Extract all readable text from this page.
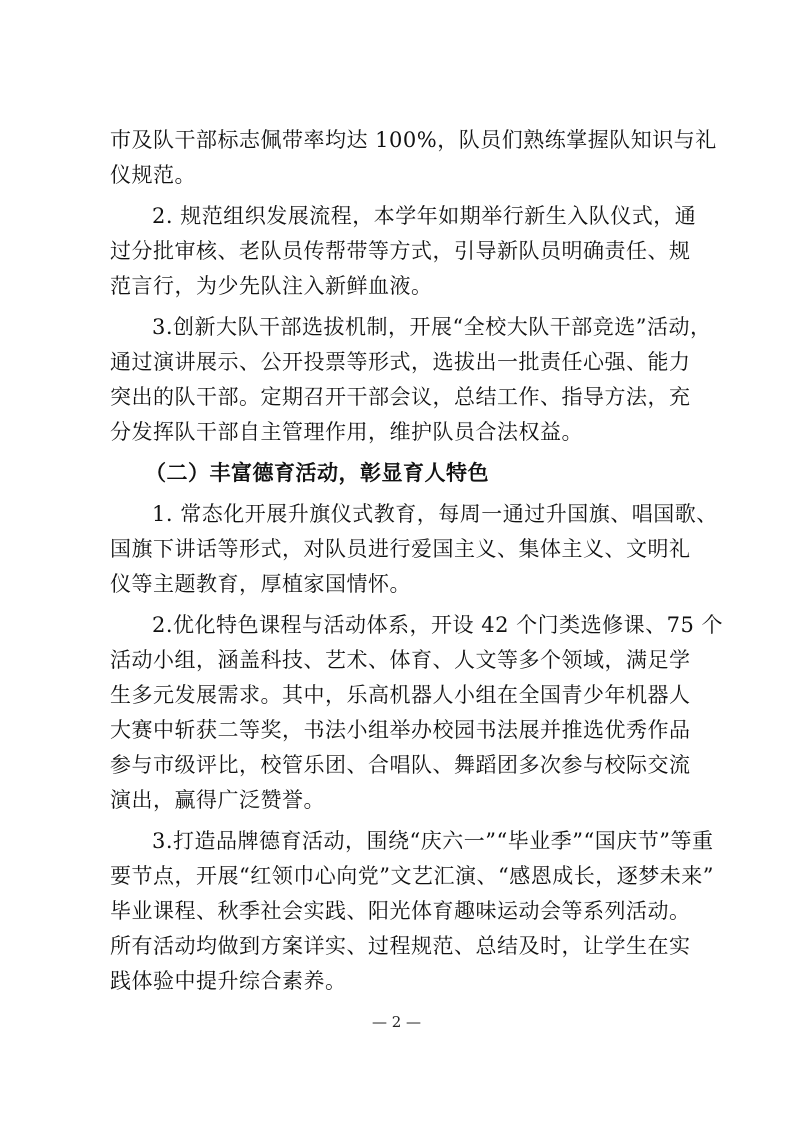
巿及队干部标志佩带率均达 100%，队员们熟练掌握队知识与礼
仪规范。
2. 规范组织发展流程，本学年如期举行新生入队仪式，通
过分批审核、老队员传帮带等方式，引导新队员明确责任、规
范言行，为少先队注入新鲜血液。
3.创新大队干部选拔机制，开展“全校大队干部竞选”活动，
通过演讲展示、公开投票等形式，选拔出一批责任心强、能力
突出的队干部。定期召开干部会议，总结工作、指导方法，充
分发挥队干部自主管理作用，维护队员合法权益。
（二）丰富德育活动，彰显育人特色
1. 常态化开展升旗仪式教育，每周一通过升国旗、唱国歌、
国旗下讲话等形式，对队员进行爱国主义、集体主义、文明礼
仪等主题教育，厚植家国情怀。
2.优化特色课程与活动体系，开设 42 个门类选修课、75 个
活动小组，涵盖科技、艺术、体育、人文等多个领域，满足学
生多元发展需求。其中，乐高机器人小组在全国青少年机器人
大赛中斩获二等奖，书法小组举办校园书法展并推选优秀作品
参与市级评比，校管乐团、合唱队、舞蹈团多次参与校际交流
演出，赢得广泛赞誉。
3.打造品牌德育活动，围绕“庆六一”“毕业季”“国庆节”等重
要节点，开展“红领巾心向党”文艺汇演、“感恩成长，逐梦未来”
毕业课程、秋季社会实践、阳光体育趣味运动会等系列活动。
所有活动均做到方案详实、过程规范、总结及时，让学生在实
践体验中提升综合素养。
— 2 —
